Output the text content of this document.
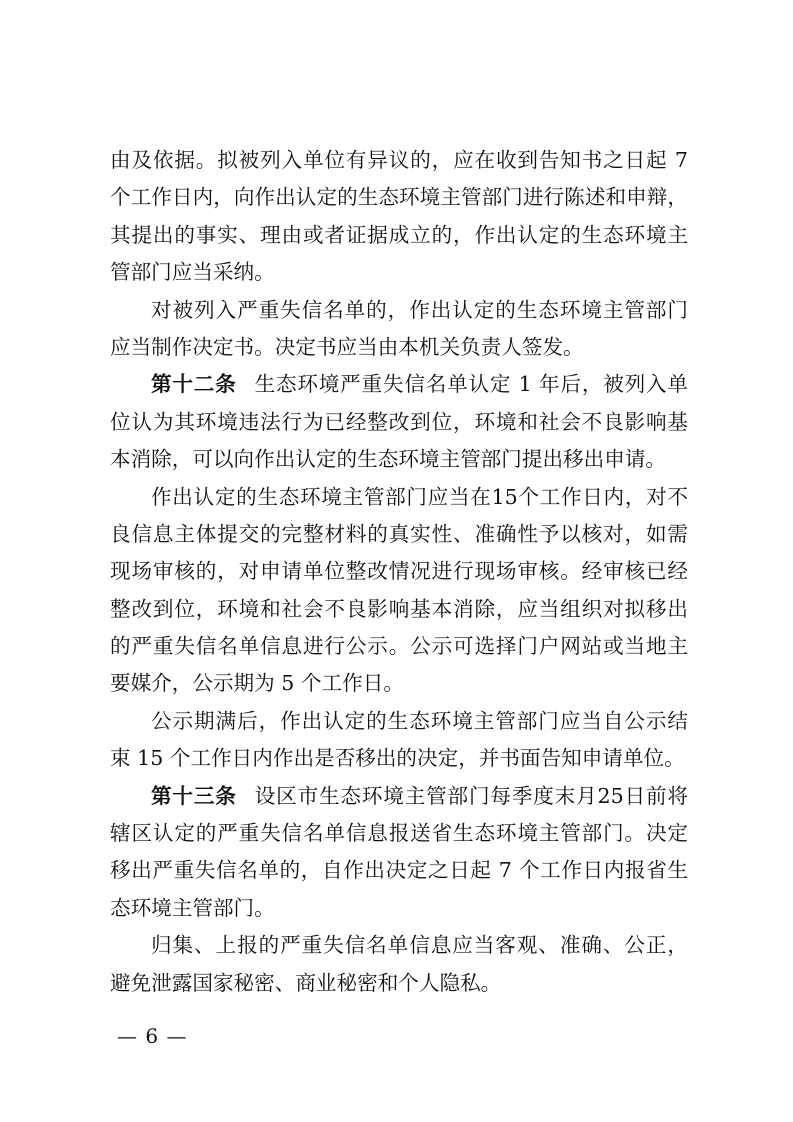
由及依据。拟被列入单位有异议的，应在收到告知书之日起 7
个工作日内，向作出认定的生态环境主管部门进行陈述和申辩，
其提出的事实、理由或者证据成立的，作出认定的生态环境主
管部门应当采纳。

对被列入严重失信名单的，作出认定的生态环境主管部门
应当制作决定书。决定书应当由本机关负责人签发。

第十二条 生态环境严重失信名单认定 1 年后，被列入单
位认为其环境违法行为已经整改到位，环境和社会不良影响基
本消除，可以向作出认定的生态环境主管部门提出移出申请。

作出认定的生态环境主管部门应当在15个工作日内，对不
良信息主体提交的完整材料的真实性、准确性予以核对，如需
现场审核的，对申请单位整改情况进行现场审核。经审核已经
整改到位，环境和社会不良影响基本消除，应当组织对拟移出
的严重失信名单信息进行公示。公示可选择门户网站或当地主
要媒介，公示期为 5 个工作日。

公示期满后，作出认定的生态环境主管部门应当自公示结
束 15 个工作日内作出是否移出的决定，并书面告知申请单位。

第十三条 设区市生态环境主管部门每季度末月25日前将
辖区认定的严重失信名单信息报送省生态环境主管部门。决定
移出严重失信名单的，自作出决定之日起 7 个工作日内报省生
态环境主管部门。

归集、上报的严重失信名单信息应当客观、准确、公正，
避免泄露国家秘密、商业秘密和个人隐私。

— 6 —
